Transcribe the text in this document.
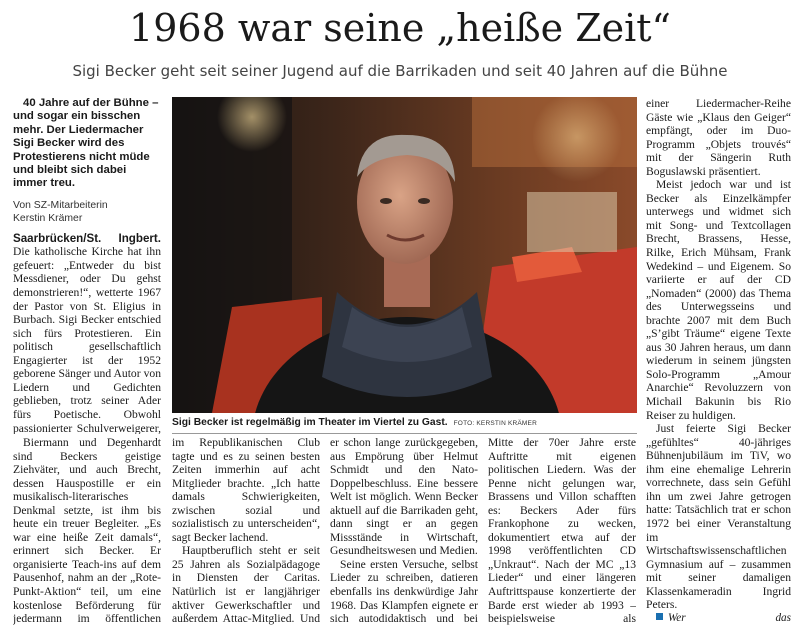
1968 war seine „heiße Zeit“
Sigi Becker geht seit seiner Jugend auf die Barrikaden und seit 40 Jahren auf die Bühne

40 Jahre auf der Bühne – und sogar ein bisschen mehr. Der Liedermacher Sigi Becker wird des Protestierens nicht müde und bleibt sich dabei immer treu.

Von SZ-Mitarbeiterin
Kerstin Krämer

Saarbrücken/St. Ingbert. Die katholische Kirche hat ihn gefeuert: „Entweder du bist Messdiener, oder Du gehst demonstrieren!“, wetterte 1967 der Pastor von St. Eligius in Burbach. Sigi Becker entschied sich fürs Protestieren. Ein politisch gesellschaftlich Engagierter ist der 1952 geborene Sänger und Autor von Liedern und Gedichten geblieben, trotz seiner Ader fürs Poetische. Obwohl passionierter Schulverweigerer,

Biermann und Degenhardt sind Beckers geistige Ziehväter, und auch Brecht, dessen Hauspostille er ein musikalisch-literarisches Denkmal setzte, ist ihm bis heute ein treuer Begleiter. „Es war eine heiße Zeit damals“, erinnert sich Becker. Er organisierte Teach-ins auf dem Pausenhof, nahm an der „Rote-Punkt-Aktion“ teil, um eine kostenlose Beförderung für jedermann im öffentlichen

Sigi Becker ist regelmäßig im Theater im Viertel zu Gast. FOTO: KERSTIN KRÄMER

im Republikanischen Club tagte und es zu seinen besten Zeiten immerhin auf acht Mitglieder brachte. „Ich hatte damals Schwierigkeiten, zwischen sozial und sozialistisch zu unterscheiden“, sagt Becker lachend.

Hauptberuflich steht er seit 25 Jahren als Sozialpädagoge in Diensten der Caritas. Natürlich ist er langjähriger aktiver Gewerkschaftler und außerdem Attac-Mitglied. Und

er schon lange zurückgegeben, aus Empörung über Helmut Schmidt und den Nato-Doppelbeschluss. Eine bessere Welt ist möglich. Wenn Becker aktuell auf die Barrikaden geht, dann singt er an gegen Missstände in Wirtschaft, Gesundheitswesen und Medien.

Seine ersten Versuche, selbst Lieder zu schreiben, datieren ebenfalls ins denkwürdige Jahr 1968. Das Klampfen eignete er sich autodidaktisch und bei

Mitte der 70er Jahre erste Auftritte mit eigenen politischen Liedern. Was der Penne nicht gelungen war, Brassens und Villon schafften es: Beckers Ader fürs Frankophone zu wecken, dokumentiert etwa auf der 1998 veröffentlichten CD „Unkraut“. Nach der MC „13 Lieder“ und einer längeren Auftrittspause konzertierte der Barde erst wieder ab 1993 – beispielsweise als

einer Liedermacher-Reihe Gäste wie „Klaus den Geiger“ empfängt, oder im Duo-Programm „Objets trouvés“ mit der Sängerin Ruth Boguslawski präsentiert.

Meist jedoch war und ist Becker als Einzelkämpfer unterwegs und widmet sich mit Song- und Textcollagen Brecht, Brassens, Hesse, Rilke, Erich Mühsam, Frank Wedekind – und Eigenem. So variierte er auf der CD „Nomaden“ (2000) das Thema des Unterwegsseins und brachte 2007 mit dem Buch „S’gibt Träume“ eigene Texte aus 30 Jahren heraus, um dann wiederum in seinem jüngsten Solo-Programm „Amour Anarchie“ Revoluzzern von Michail Bakunin bis Rio Reiser zu huldigen.

Just feierte Sigi Becker „gefühltes“ 40-jähriges Bühnenjubiläum im TiV, wo ihm eine ehemalige Lehrerin vorrechnete, dass sein Gefühl ihn um zwei Jahre getrogen hatte: Tatsächlich trat er schon 1972 bei einer Veranstaltung im Wirtschaftswissenschaftlichen Gymnasium auf – zusammen mit seiner damaligen Klassenkameradin Ingrid Peters.

Wer das
